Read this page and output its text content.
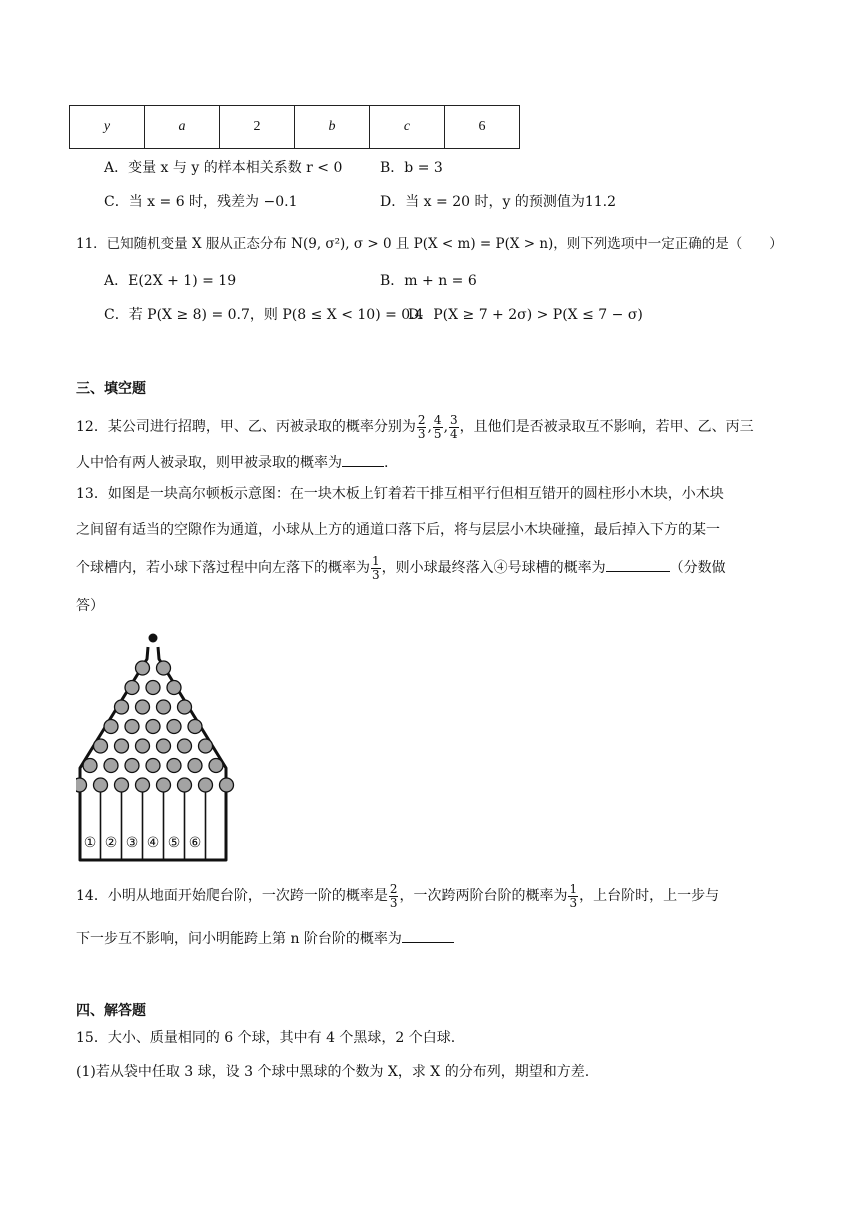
y	a	2	b	c	6
A．变量 x 与 y 的样本相关系数 r < 0	B．b = 3
C．当 x = 6 时，残差为 −0.1	D．当 x = 20 时，y 的预测值为11.2
11．已知随机变量 X 服从正态分布 N(9, σ²), σ > 0 且 P(X < m) = P(X > n)，则下列选项中一定正确的是（　　）
A．E(2X + 1) = 19	B．m + n = 6
C．若 P(X ≥ 8) = 0.7，则 P(8 ≤ X < 10) = 0.4
D．P(X ≥ 7 + 2σ) > P(X ≤ 7 − σ)
三、填空题
12．某公司进行招聘，甲、乙、丙被录取的概率分别为 $\frac{2}{3}$ , $\frac{4}{5}$ , $\frac{3}{4}$ ，且他们是否被录取互不影响，若甲、乙、丙三
人中恰有两人被录取，则甲被录取的概率为	.
13．如图是一块高尔顿板示意图：在一块木板上钉着若干排互相平行但相互错开的圆柱形小木块，小木块
之间留有适当的空隙作为通道，小球从上方的通道口落下后，将与层层小木块碰撞，最后掉入下方的某一
个球槽内，若小球下落过程中向左落下的概率为 $\frac{1}{3}$ ，则小球最终落入④号球槽的概率为	（分数做
答）
① ② ③ ④ ⑤ ⑥
14．小明从地面开始爬台阶，一次跨一阶的概率是 $\frac{2}{3}$ ，一次跨两阶台阶的概率为 $\frac{1}{3}$ ，上台阶时，上一步与
下一步互不影响，问小明能跨上第 n 阶台阶的概率为
四、解答题
15．大小、质量相同的 6 个球，其中有 4 个黑球，2 个白球.
(1)若从袋中任取 3 球，设 3 个球中黑球的个数为 X，求 X 的分布列，期望和方差.
